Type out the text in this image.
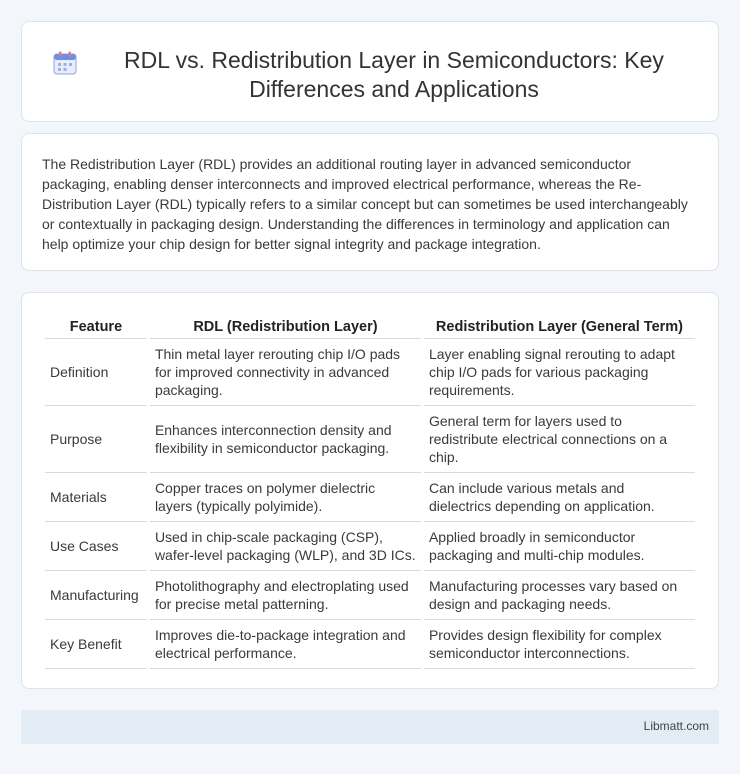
RDL vs. Redistribution Layer in Semiconductors: Key Differences and Applications

The Redistribution Layer (RDL) provides an additional routing layer in advanced semiconductor packaging, enabling denser interconnects and improved electrical performance, whereas the Re-Distribution Layer (RDL) typically refers to a similar concept but can sometimes be used interchangeably or contextually in packaging design. Understanding the differences in terminology and application can help optimize your chip design for better signal integrity and package integration.

Feature	RDL (Redistribution Layer)	Redistribution Layer (General Term)
Definition	Thin metal layer rerouting chip I/O pads for improved connectivity in advanced packaging.	Layer enabling signal rerouting to adapt chip I/O pads for various packaging requirements.
Purpose	Enhances interconnection density and flexibility in semiconductor packaging.	General term for layers used to redistribute electrical connections on a chip.
Materials	Copper traces on polymer dielectric layers (typically polyimide).	Can include various metals and dielectrics depending on application.
Use Cases	Used in chip-scale packaging (CSP), wafer-level packaging (WLP), and 3D ICs.	Applied broadly in semiconductor packaging and multi-chip modules.
Manufacturing	Photolithography and electroplating used for precise metal patterning.	Manufacturing processes vary based on design and packaging needs.
Key Benefit	Improves die-to-package integration and electrical performance.	Provides design flexibility for complex semiconductor interconnections.
Libmatt.com
